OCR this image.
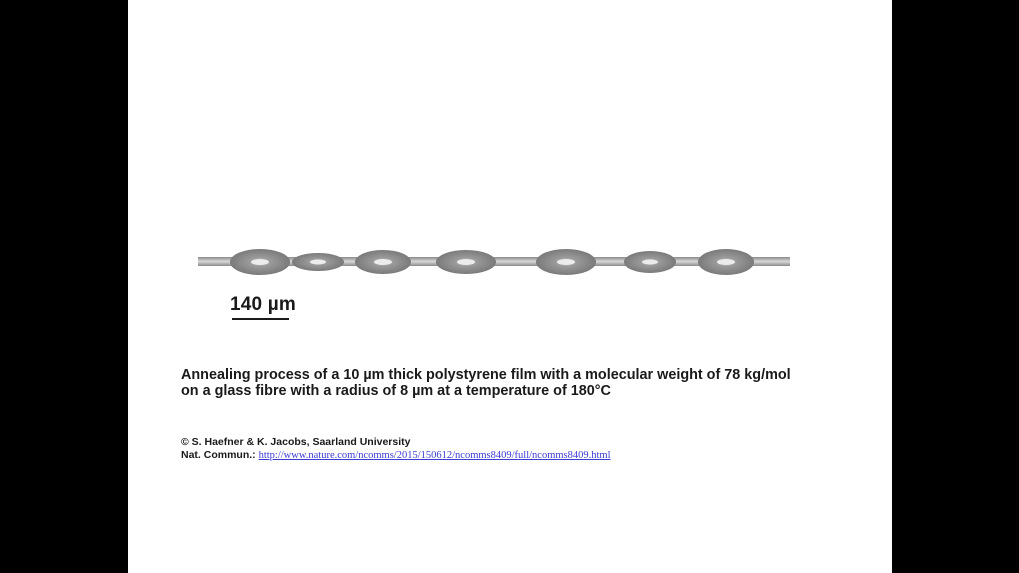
140 µm
Annealing process of a 10 µm thick polystyrene film with a molecular weight of 78 kg/mol on a glass fibre with a radius of 8 µm at a temperature of 180°C
© S. Haefner & K. Jacobs, Saarland University
Nat. Commun.: http://www.nature.com/ncomms/2015/150612/ncomms8409/full/ncomms8409.html
